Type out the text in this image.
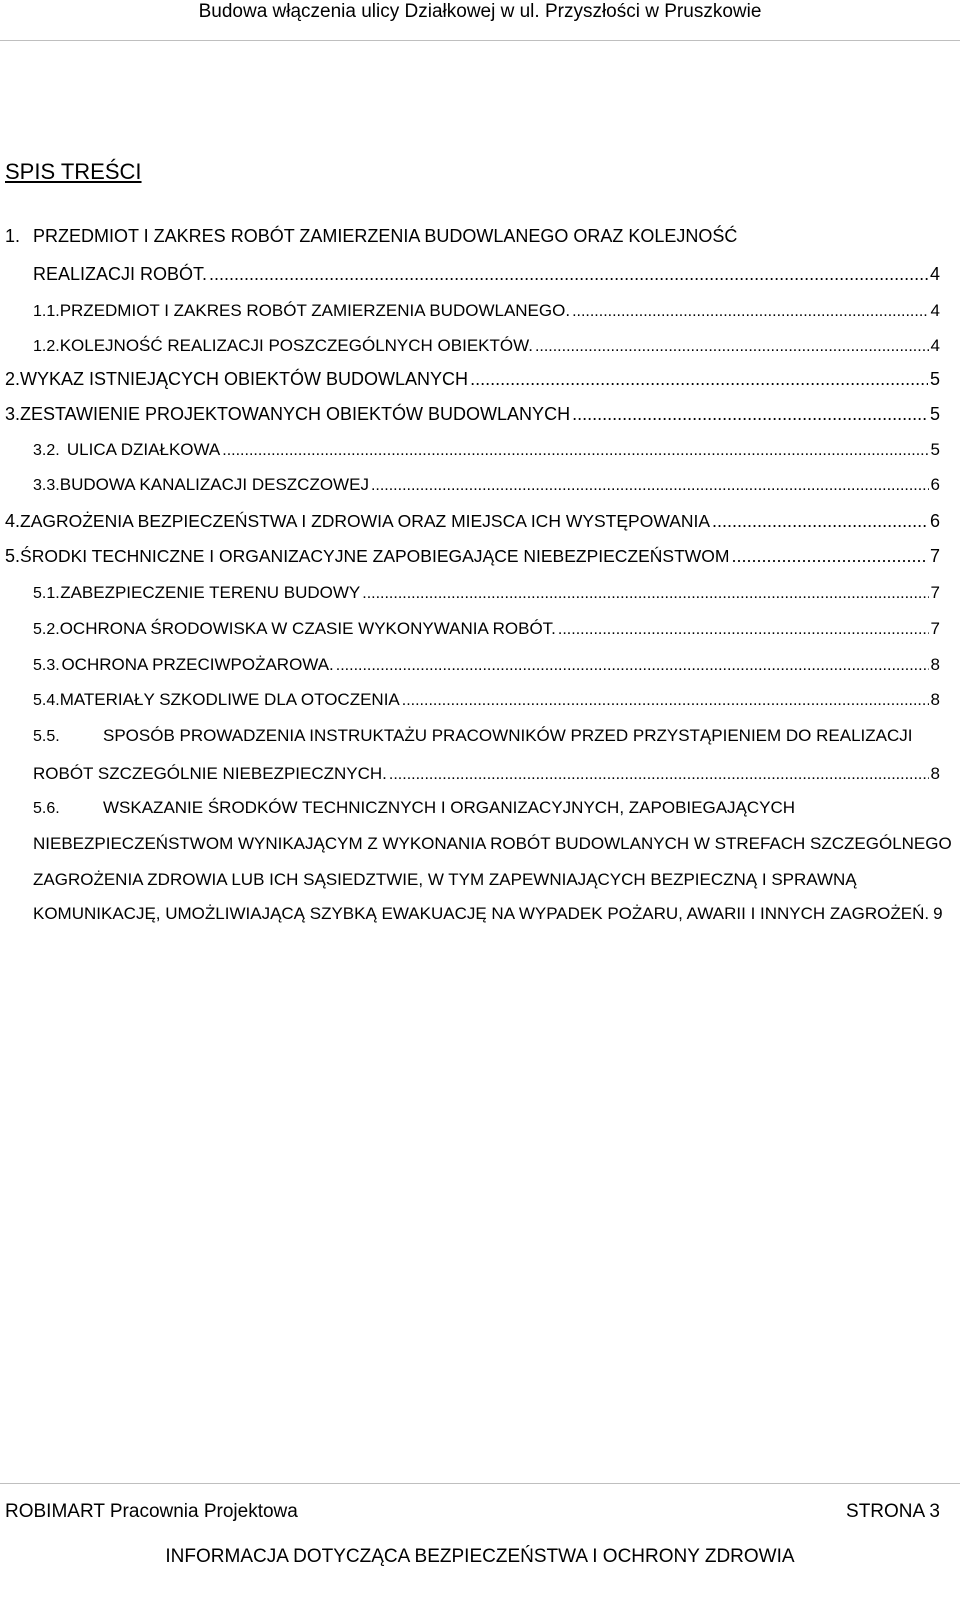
Budowa włączenia ulicy Działkowej w ul. Przyszłości w Pruszkowie
SPIS TREŚCI
1. PRZEDMIOT I ZAKRES ROBÓT ZAMIERZENIA BUDOWLANEGO ORAZ KOLEJNOŚĆ
REALIZACJI ROBÓT. .....	4
1.1. PRZEDMIOT I ZAKRES ROBÓT ZAMIERZENIA BUDOWLANEGO. .....	4
1.2. KOLEJNOŚĆ REALIZACJI POSZCZEGÓLNYCH OBIEKTÓW. .....	4
2. WYKAZ ISTNIEJĄCYCH OBIEKTÓW BUDOWLANYCH .....	5
3. ZESTAWIENIE PROJEKTOWANYCH OBIEKTÓW BUDOWLANYCH .....	5
3.2. ULICA DZIAŁKOWA .....	5
3.3. BUDOWA KANALIZACJI DESZCZOWEJ .....	6
4. ZAGROŻENIA BEZPIECZEŃSTWA I ZDROWIA ORAZ MIEJSCA ICH WYSTĘPOWANIA .....	6
5. ŚRODKI TECHNICZNE I ORGANIZACYJNE ZAPOBIEGAJĄCE NIEBEZPIECZEŃSTWOM .....	7
5.1. ZABEZPIECZENIE TERENU BUDOWY .....	7
5.2. OCHRONA ŚRODOWISKA W CZASIE WYKONYWANIA ROBÓT. .....	7
5.3. OCHRONA PRZECIWPOŻAROWA. .....	8
5.4. MATERIAŁY SZKODLIWE DLA OTOCZENIA .....	8
5.5.	SPOSÓB PROWADZENIA INSTRUKTAŻU PRACOWNIKÓW PRZED PRZYSTĄPIENIEM DO REALIZACJI
ROBÓT SZCZEGÓLNIE NIEBEZPIECZNYCH. .....	8
5.6.	WSKAZANIE ŚRODKÓW TECHNICZNYCH I ORGANIZACYJNYCH, ZAPOBIEGAJĄCYCH
NIEBEZPIECZEŃSTWOM WYNIKAJĄCYM Z WYKONANIA ROBÓT BUDOWLANYCH W STREFACH SZCZEGÓLNEGO
ZAGROŻENIA ZDROWIA LUB ICH SĄSIEDZTWIE, W TYM ZAPEWNIAJĄCYCH BEZPIECZNĄ I SPRAWNĄ
KOMUNIKACJĘ, UMOŻLIWIAJĄCĄ SZYBKĄ EWAKUACJĘ NA WYPADEK POŻARU, AWARII I INNYCH ZAGROŻEŃ. 9
ROBIMART Pracownia Projektowa	STRONA 3
INFORMACJA DOTYCZĄCA BEZPIECZEŃSTWA I OCHRONY ZDROWIA
